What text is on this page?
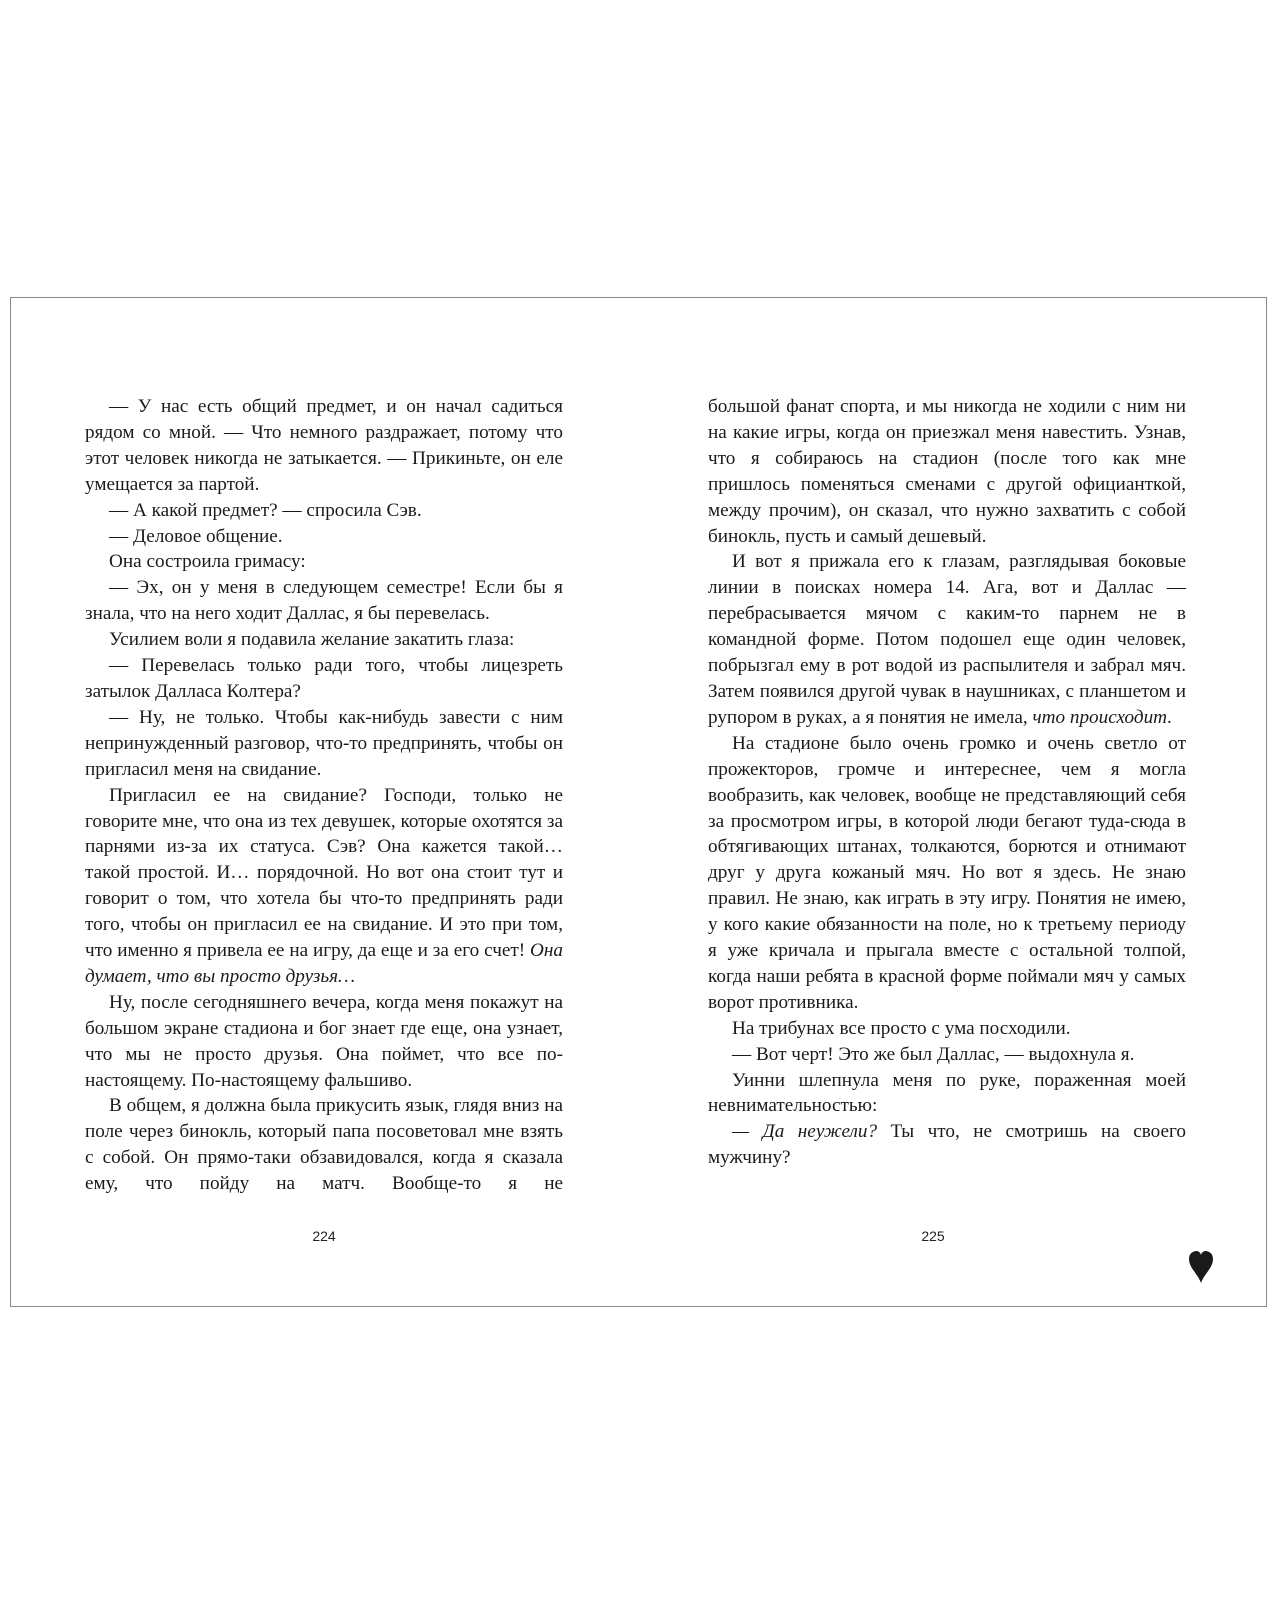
— У нас есть общий предмет, и он начал садиться рядом со мной. — Что немного раздражает, потому что этот человек никогда не затыкается. — Прикиньте, он еле умещается за партой.

— А какой предмет? — спросила Сэв.

— Деловое общение.

Она состроила гримасу:

— Эх, он у меня в следующем семестре! Если бы я знала, что на него ходит Даллас, я бы перевелась.

Усилием воли я подавила желание закатить глаза:

— Перевелась только ради того, чтобы лицезреть затылок Далласа Колтера?

— Ну, не только. Чтобы как-нибудь завести с ним непринужденный разговор, что-то предпринять, чтобы он пригласил меня на свидание.

Пригласил ее на свидание? Господи, только не говорите мне, что она из тех девушек, которые охотятся за парнями из-за их статуса. Сэв? Она кажется такой… такой простой. И… порядочной. Но вот она стоит тут и говорит о том, что хотела бы что-то предпринять ради того, чтобы он пригласил ее на свидание. И это при том, что именно я привела ее на игру, да еще и за его счет! Она думает, что вы просто друзья…

Ну, после сегодняшнего вечера, когда меня покажут на большом экране стадиона и бог знает где еще, она узнает, что мы не просто друзья. Она поймет, что все по-настоящему. По-настоящему фальшиво.

В общем, я должна была прикусить язык, глядя вниз на поле через бинокль, который папа посоветовал мне взять с собой. Он прямо-таки обзавидовался, когда я сказала ему, что пойду на матч. Вообще-то я не

224

большой фанат спорта, и мы никогда не ходили с ним ни на какие игры, когда он приезжал меня навестить. Узнав, что я собираюсь на стадион (после того как мне пришлось поменяться сменами с другой официанткой, между прочим), он сказал, что нужно захватить с собой бинокль, пусть и самый дешевый.

И вот я прижала его к глазам, разглядывая боковые линии в поисках номера 14. Ага, вот и Даллас — перебрасывается мячом с каким-то парнем не в командной форме. Потом подошел еще один человек, побрызгал ему в рот водой из распылителя и забрал мяч. Затем появился другой чувак в наушниках, с планшетом и рупором в руках, а я понятия не имела, что происходит.

На стадионе было очень громко и очень светло от прожекторов, громче и интереснее, чем я могла вообразить, как человек, вообще не представляющий себя за просмотром игры, в которой люди бегают туда-сюда в обтягивающих штанах, толкаются, борются и отнимают друг у друга кожаный мяч. Но вот я здесь. Не знаю правил. Не знаю, как играть в эту игру. Понятия не имею, у кого какие обязанности на поле, но к третьему периоду я уже кричала и прыгала вместе с остальной толпой, когда наши ребята в красной форме поймали мяч у самых ворот противника.

На трибунах все просто с ума посходили.

— Вот черт! Это же был Даллас, — выдохнула я.

Уинни шлепнула меня по руке, пораженная моей невнимательностью:

— Да неужели? Ты что, не смотришь на своего мужчину?

225
